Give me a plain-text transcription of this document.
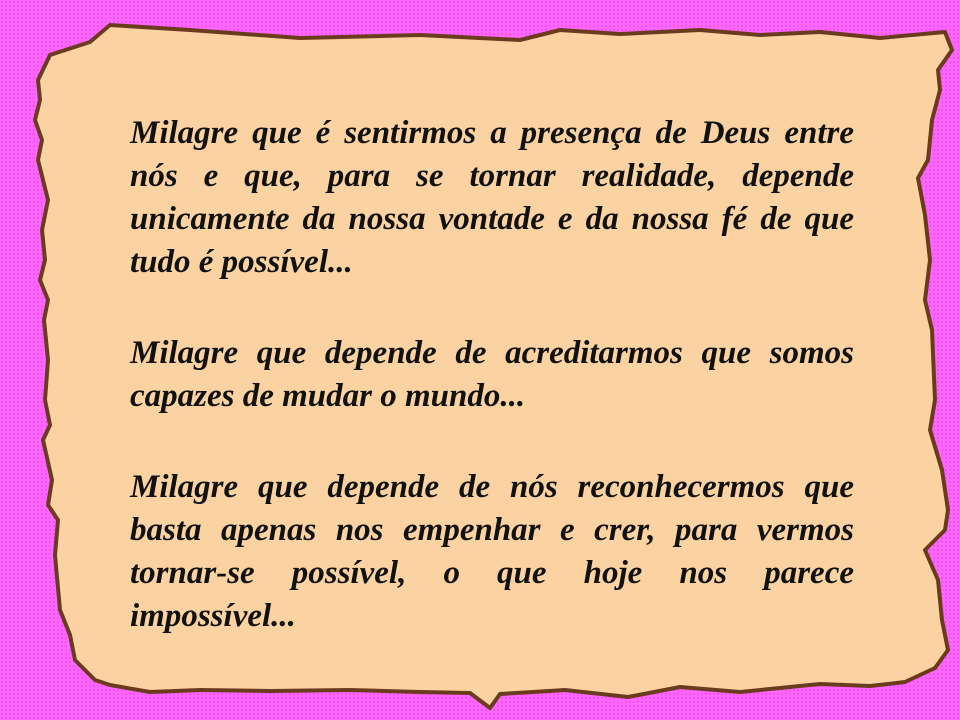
Milagre que é sentirmos a presença de Deus entre nós e que, para se tornar realidade, depende unicamente da nossa vontade e da nossa fé de que tudo é possível...

Milagre que depende de acreditarmos que somos capazes de mudar o mundo...

Milagre que depende de nós reconhecermos que basta apenas nos empenhar e crer, para vermos tornar-se possível, o que hoje nos parece impossível...
